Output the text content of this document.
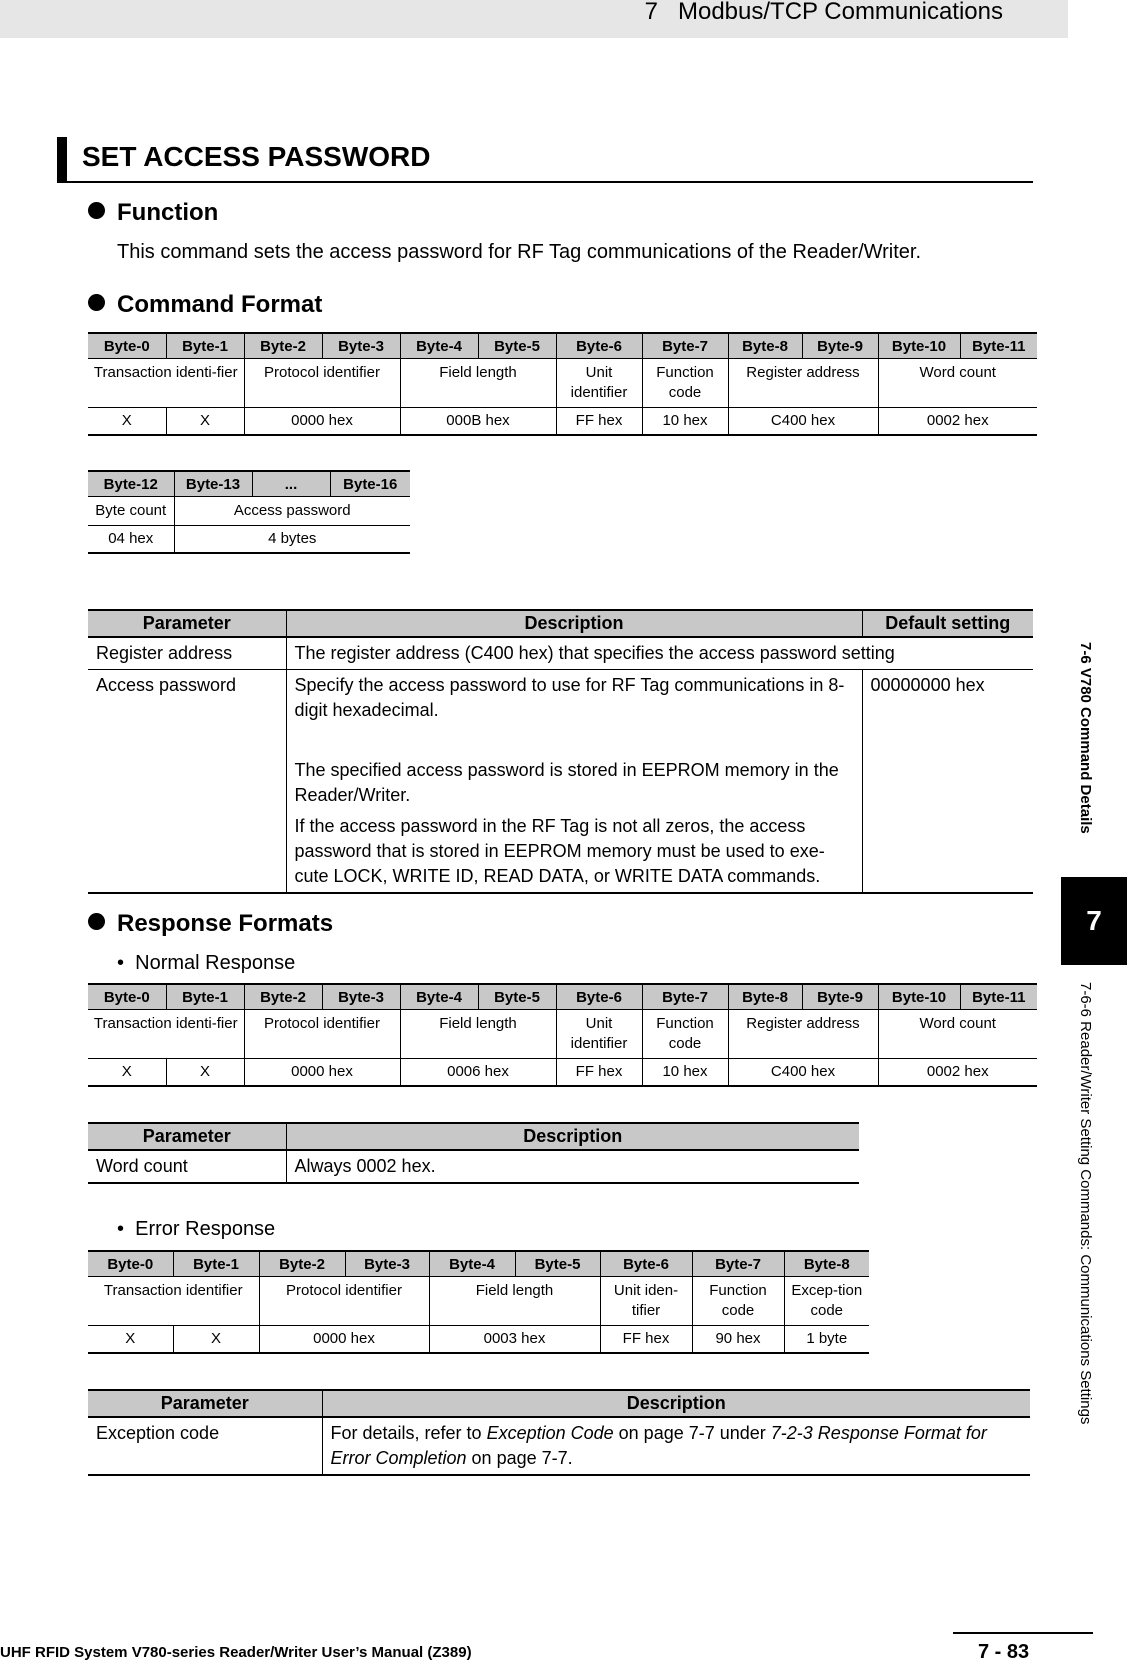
7   Modbus/TCP Communications
SET ACCESS PASSWORD
Function
This command sets the access password for RF Tag communications of the Reader/Writer.
Command Format
Byte-0	Byte-1	Byte-2	Byte-3	Byte-4	Byte-5	Byte-6	Byte-7	Byte-8	Byte-9	Byte-10	Byte-11
Transaction identi-fier		Protocol identifier		Field length		Unit identifier	Function code	Register address		Word count	
X	X	0000 hex		000B hex		FF hex	10 hex	C400 hex		0002 hex	
Byte-12	Byte-13	...	Byte-16
Byte count	Access password		
04 hex	4 bytes		
Parameter	Description	Default setting
Register address	The register address (C400 hex) that specifies the access password setting	
Access password	Specify the access password to use for RF Tag communications in 8-digit hexadecimal.

The specified access password is stored in EEPROM memory in the Reader/Writer.

If the access password in the RF Tag is not all zeros, the access password that is stored in EEPROM memory must be used to exe-cute LOCK, WRITE ID, READ DATA, or WRITE DATA commands.	00000000 hex
Response Formats
•  Normal Response
Byte-0	Byte-1	Byte-2	Byte-3	Byte-4	Byte-5	Byte-6	Byte-7	Byte-8	Byte-9	Byte-10	Byte-11
Transaction identi-fier		Protocol identifier		Field length		Unit identifier	Function code	Register address		Word count	
X	X	0000 hex		0006 hex		FF hex	10 hex	C400 hex		0002 hex	
Parameter	Description
Word count	Always 0002 hex.
•  Error Response
Byte-0	Byte-1	Byte-2	Byte-3	Byte-4	Byte-5	Byte-6	Byte-7	Byte-8
Transaction identifier		Protocol identifier		Field length		Unit iden-tifier	Function code	Excep-tion code
X	X	0000 hex		0003 hex		FF hex	90 hex	1 byte
Parameter	Description
Exception code	For details, refer to Exception Code on page 7-7 under 7-2-3 Response Format for Error Completion on page 7-7.
7-6 V780 Command Details
7
7-6-6 Reader/Writer Setting Commands: Communications Settings
UHF RFID System V780-series Reader/Writer User’s Manual (Z389)	7 - 83
